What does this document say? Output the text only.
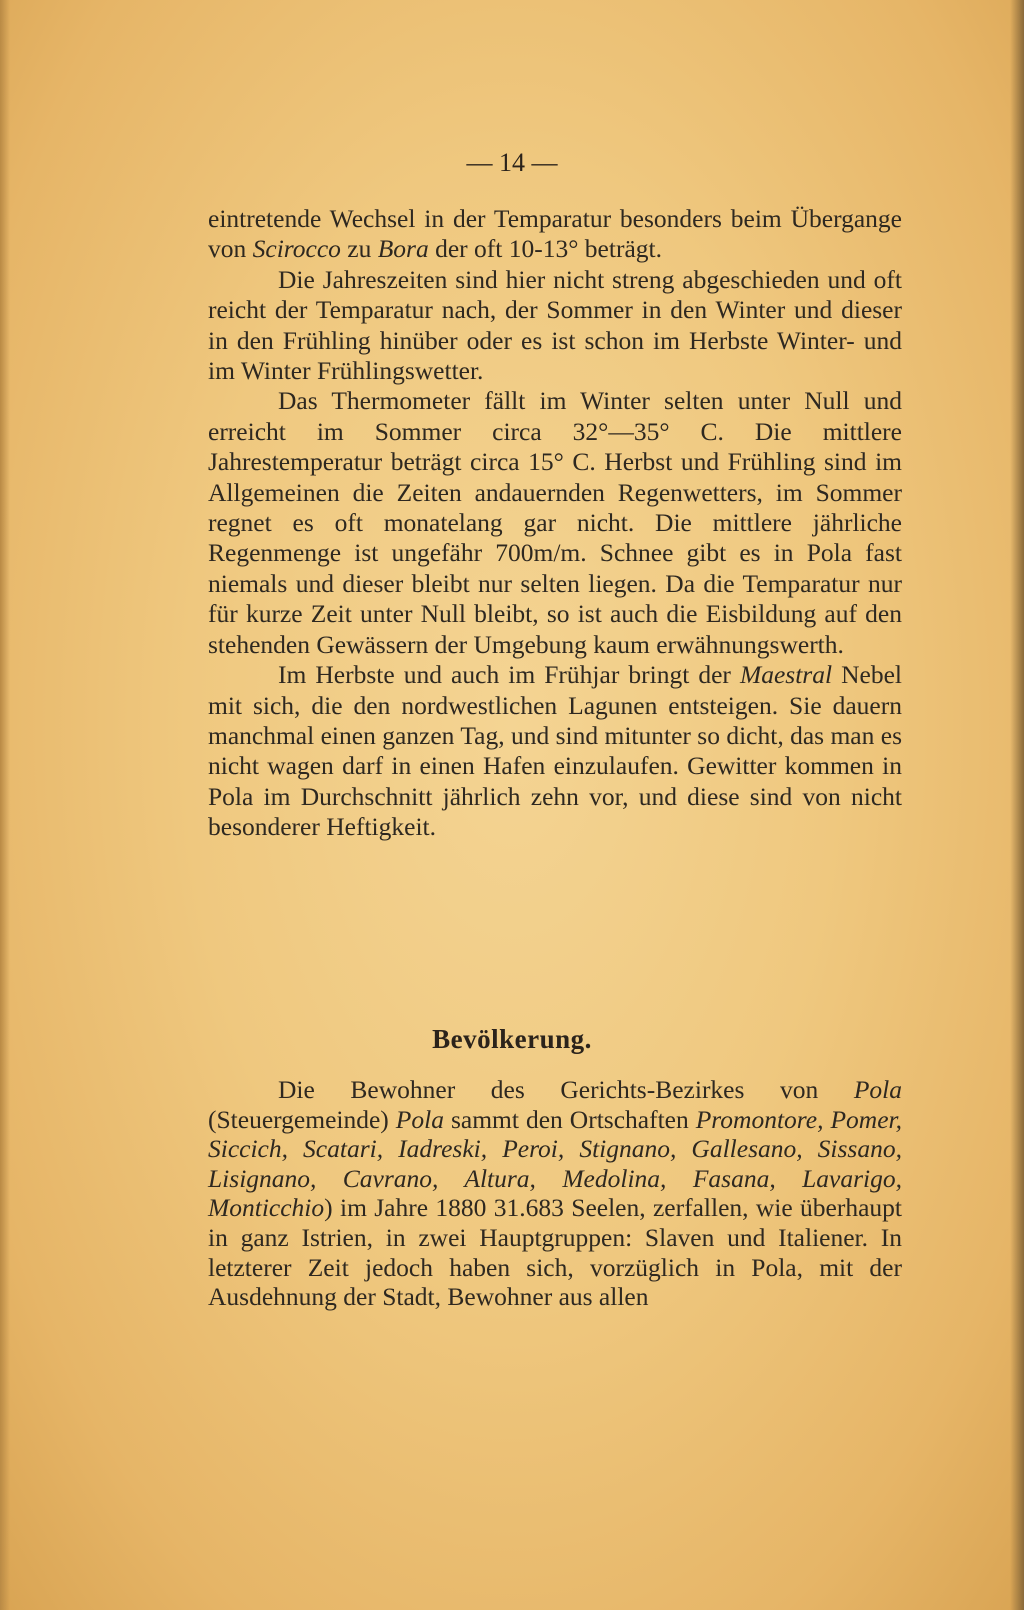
— 14 —

eintretende Wechsel in der Temparatur besonders beim Übergange von Scirocco zu Bora der oft 10-13° beträgt.

Die Jahreszeiten sind hier nicht streng abgeschieden und oft reicht der Temparatur nach, der Sommer in den Winter und dieser in den Frühling hinüber oder es ist schon im Herbste Winter- und im Winter Frühlingswetter.

Das Thermometer fällt im Winter selten unter Null und erreicht im Sommer circa 32°—35° C. Die mittlere Jahrestemperatur beträgt circa 15° C. Herbst und Frühling sind im Allgemeinen die Zeiten andauernden Regenwetters, im Sommer regnet es oft monatelang gar nicht. Die mittlere jährliche Regenmenge ist ungefähr 700m/m. Schnee gibt es in Pola fast niemals und dieser bleibt nur selten liegen. Da die Temparatur nur für kurze Zeit unter Null bleibt, so ist auch die Eisbildung auf den stehenden Gewässern der Umgebung kaum erwähnungswerth.

Im Herbste und auch im Frühjar bringt der Maestral Nebel mit sich, die den nordwestlichen Lagunen entsteigen. Sie dauern manchmal einen ganzen Tag, und sind mitunter so dicht, das man es nicht wagen darf in einen Hafen einzulaufen. Gewitter kommen in Pola im Durchschnitt jährlich zehn vor, und diese sind von nicht besonderer Heftigkeit.

Bevölkerung.

Die Bewohner des Gerichts-Bezirkes von Pola (Steuergemeinde) Pola sammt den Ortschaften Promontore, Pomer, Siccich, Scatari, Iadreski, Peroi, Stignano, Gallesano, Sissano, Lisignano, Cavrano, Altura, Medolina, Fasana, Lavarigo, Monticchio) im Jahre 1880 31.683 Seelen, zerfallen, wie überhaupt in ganz Istrien, in zwei Hauptgruppen: Slaven und Italiener. In letzterer Zeit jedoch haben sich, vorzüglich in Pola, mit der Ausdehnung der Stadt, Bewohner aus allen
